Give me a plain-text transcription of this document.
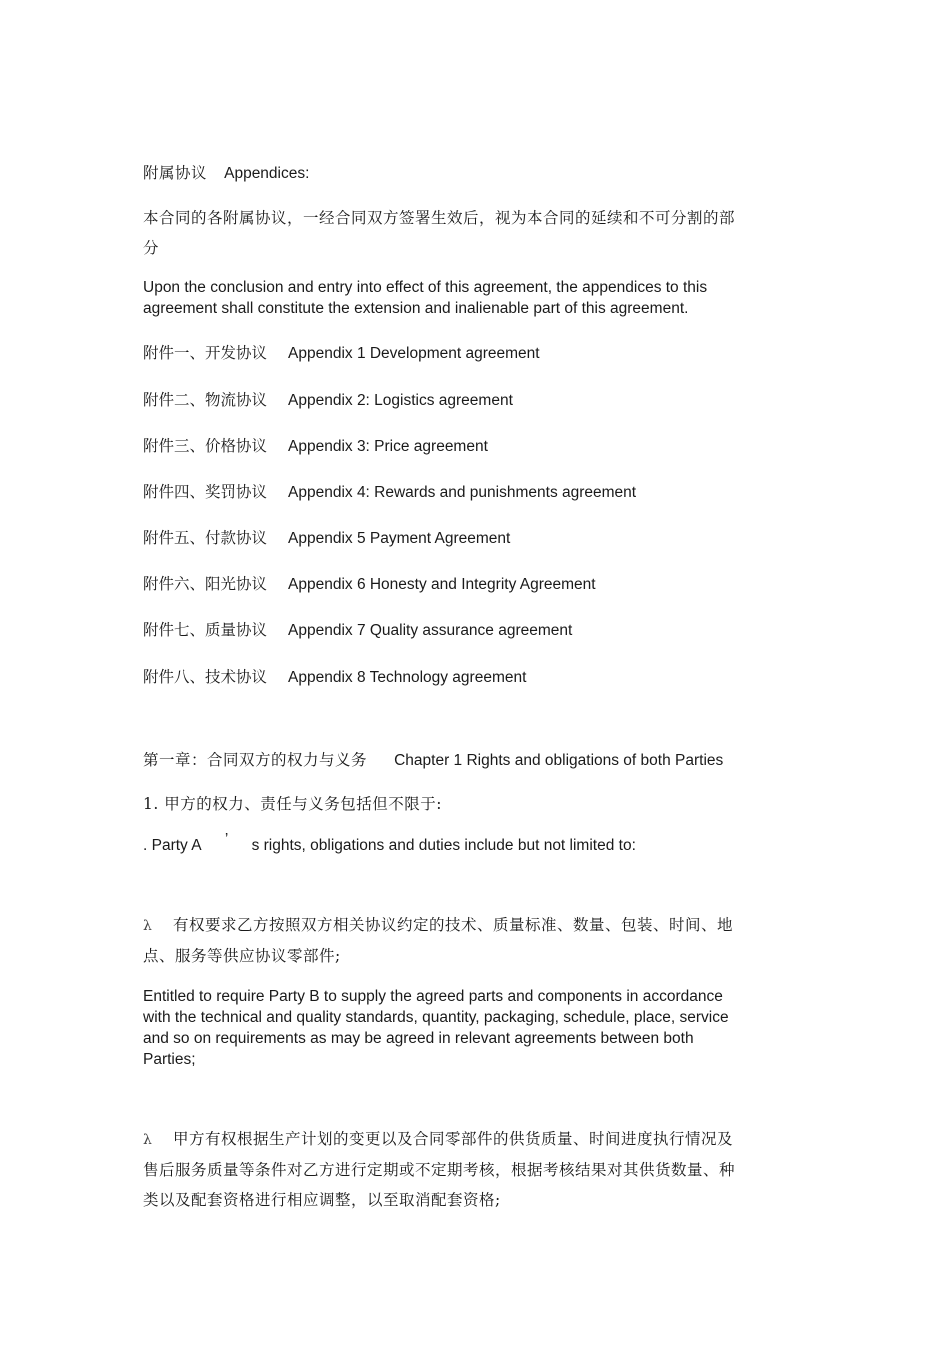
附属协议 Appendices:
本合同的各附属协议，一经合同双方签署生效后，视为本合同的延续和不可分割的部分
Upon the conclusion and entry into effect of this agreement, the appendices to this agreement shall constitute the extension and inalienable part of this agreement.
附件一、开发协议 Appendix 1 Development agreement
附件二、物流协议 Appendix 2: Logistics agreement
附件三、价格协议 Appendix 3: Price agreement
附件四、奖罚协议 Appendix 4: Rewards and punishments agreement
附件五、付款协议 Appendix 5 Payment Agreement
附件六、阳光协议 Appendix 6 Honesty and Integrity Agreement
附件七、质量协议 Appendix 7 Quality assurance agreement
附件八、技术协议 Appendix 8 Technology agreement
第一章：合同双方的权力与义务 Chapter 1 Rights and obligations of both Parties
1. 甲方的权力、责任与义务包括但不限于:
. Party A ’ s rights, obligations and duties include but not limited to:
λ 有权要求乙方按照双方相关协议约定的技术、质量标准、数量、包装、时间、地点、服务等供应协议零部件;
Entitled to require Party B to supply the agreed parts and components in accordance with the technical and quality standards, quantity, packaging, schedule, place, service and so on requirements as may be agreed in relevant agreements between both Parties;
λ 甲方有权根据生产计划的变更以及合同零部件的供货质量、时间进度执行情况及售后服务质量等条件对乙方进行定期或不定期考核，根据考核结果对其供货数量、种类以及配套资格进行相应调整，以至取消配套资格;
